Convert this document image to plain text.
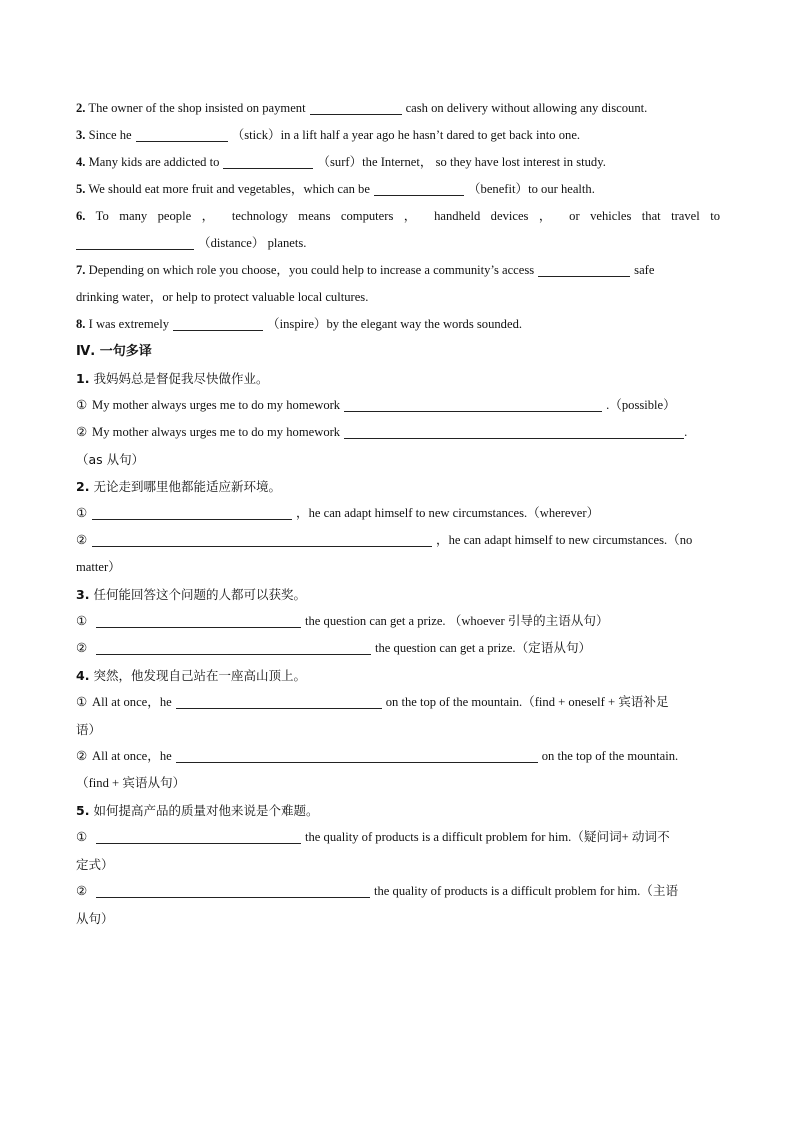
2. The owner of the shop insisted on payment	cash on delivery without allowing any discount.
3. Since he	（stick）in a lift half a year ago he hasn’t dared to get back into one.
4. Many kids are addicted to	（surf）the Internet， so they have lost interest in study.
5. We should eat more fruit and vegetables，which can be	（benefit）to our health.
6. To many people ， technology means computers ， handheld devices ， or vehicles that travel to
（distance） planets.
7. Depending on which role you choose，you could help to increase a community’s access	safe
drinking water，or help to protect valuable local cultures.
8. I was extremely	（inspire）by the elegant way the words sounded.
Ⅳ. 一句多译
1. 我妈妈总是督促我尽快做作业。
① My mother always urges me to do my homework	.（possible）
② My mother always urges me to do my homework	.
（as 从句）
2. 无论走到哪里他都能适应新环境。
①	，he can adapt himself to new circumstances.（wherever）
②	，he can adapt himself to new circumstances.（no
matter）
3. 任何能回答这个问题的人都可以获奖。
①	the question can get a prize. （whoever 引导的主语从句）
②	the question can get a prize.（定语从句）
4. 突然，他发现自己站在一座高山顶上。
① All at once，he	on the top of the mountain.（find + oneself + 宾语补足
语）
② All at once，he	on the top of the mountain.
（find + 宾语从句）
5. 如何提高产品的质量对他来说是个难题。
①	the quality of products is a difficult problem for him.（疑问词+ 动词不
定式）
②	the quality of products is a difficult problem for him.（主语
从句）
